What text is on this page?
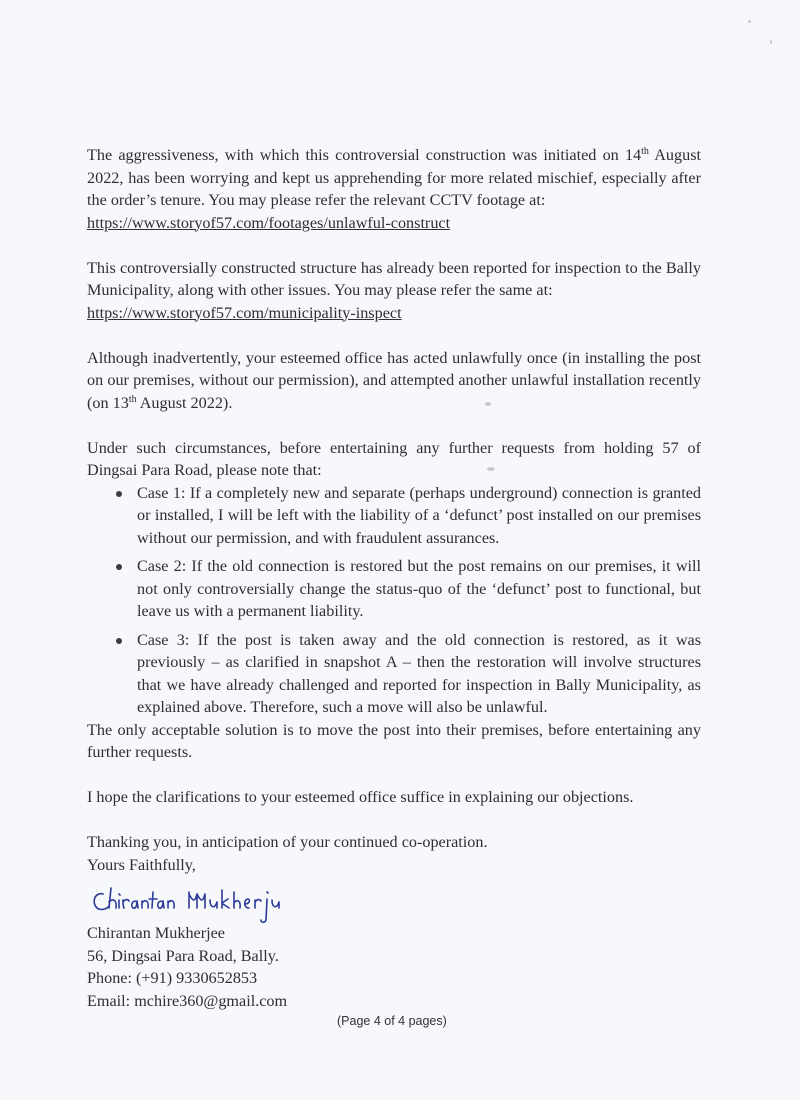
The aggressiveness, with which this controversial construction was initiated on 14th August 2022, has been worrying and kept us apprehending for more related mischief, especially after the order’s tenure. You may please refer the relevant CCTV footage at:
https://www.storyof57.com/footages/unlawful-construct

This controversially constructed structure has already been reported for inspection to the Bally Municipality, along with other issues. You may please refer the same at:
https://www.storyof57.com/municipality-inspect

Although inadvertently, your esteemed office has acted unlawfully once (in installing the post on our premises, without our permission), and attempted another unlawful installation recently (on 13th August 2022).

Under such circumstances, before entertaining any further requests from holding 57 of Dingsai Para Road, please note that:

Case 1: If a completely new and separate (perhaps underground) connection is granted or installed, I will be left with the liability of a ‘defunct’ post installed on our premises without our permission, and with fraudulent assurances.
Case 2: If the old connection is restored but the post remains on our premises, it will not only controversially change the status-quo of the ‘defunct’ post to functional, but leave us with a permanent liability.
Case 3: If the post is taken away and the old connection is restored, as it was previously – as clarified in snapshot A – then the restoration will involve structures that we have already challenged and reported for inspection in Bally Municipality, as explained above. Therefore, such a move will also be unlawful.

The only acceptable solution is to move the post into their premises, before entertaining any further requests.

I hope the clarifications to your esteemed office suffice in explaining our objections.

Thanking you, in anticipation of your continued co-operation.
Yours Faithfully,
Chirantan Mukherjee
56, Dingsai Para Road, Bally.
Phone: (+91) 9330652853
Email: mchire360@gmail.com
(Page 4 of 4 pages)
